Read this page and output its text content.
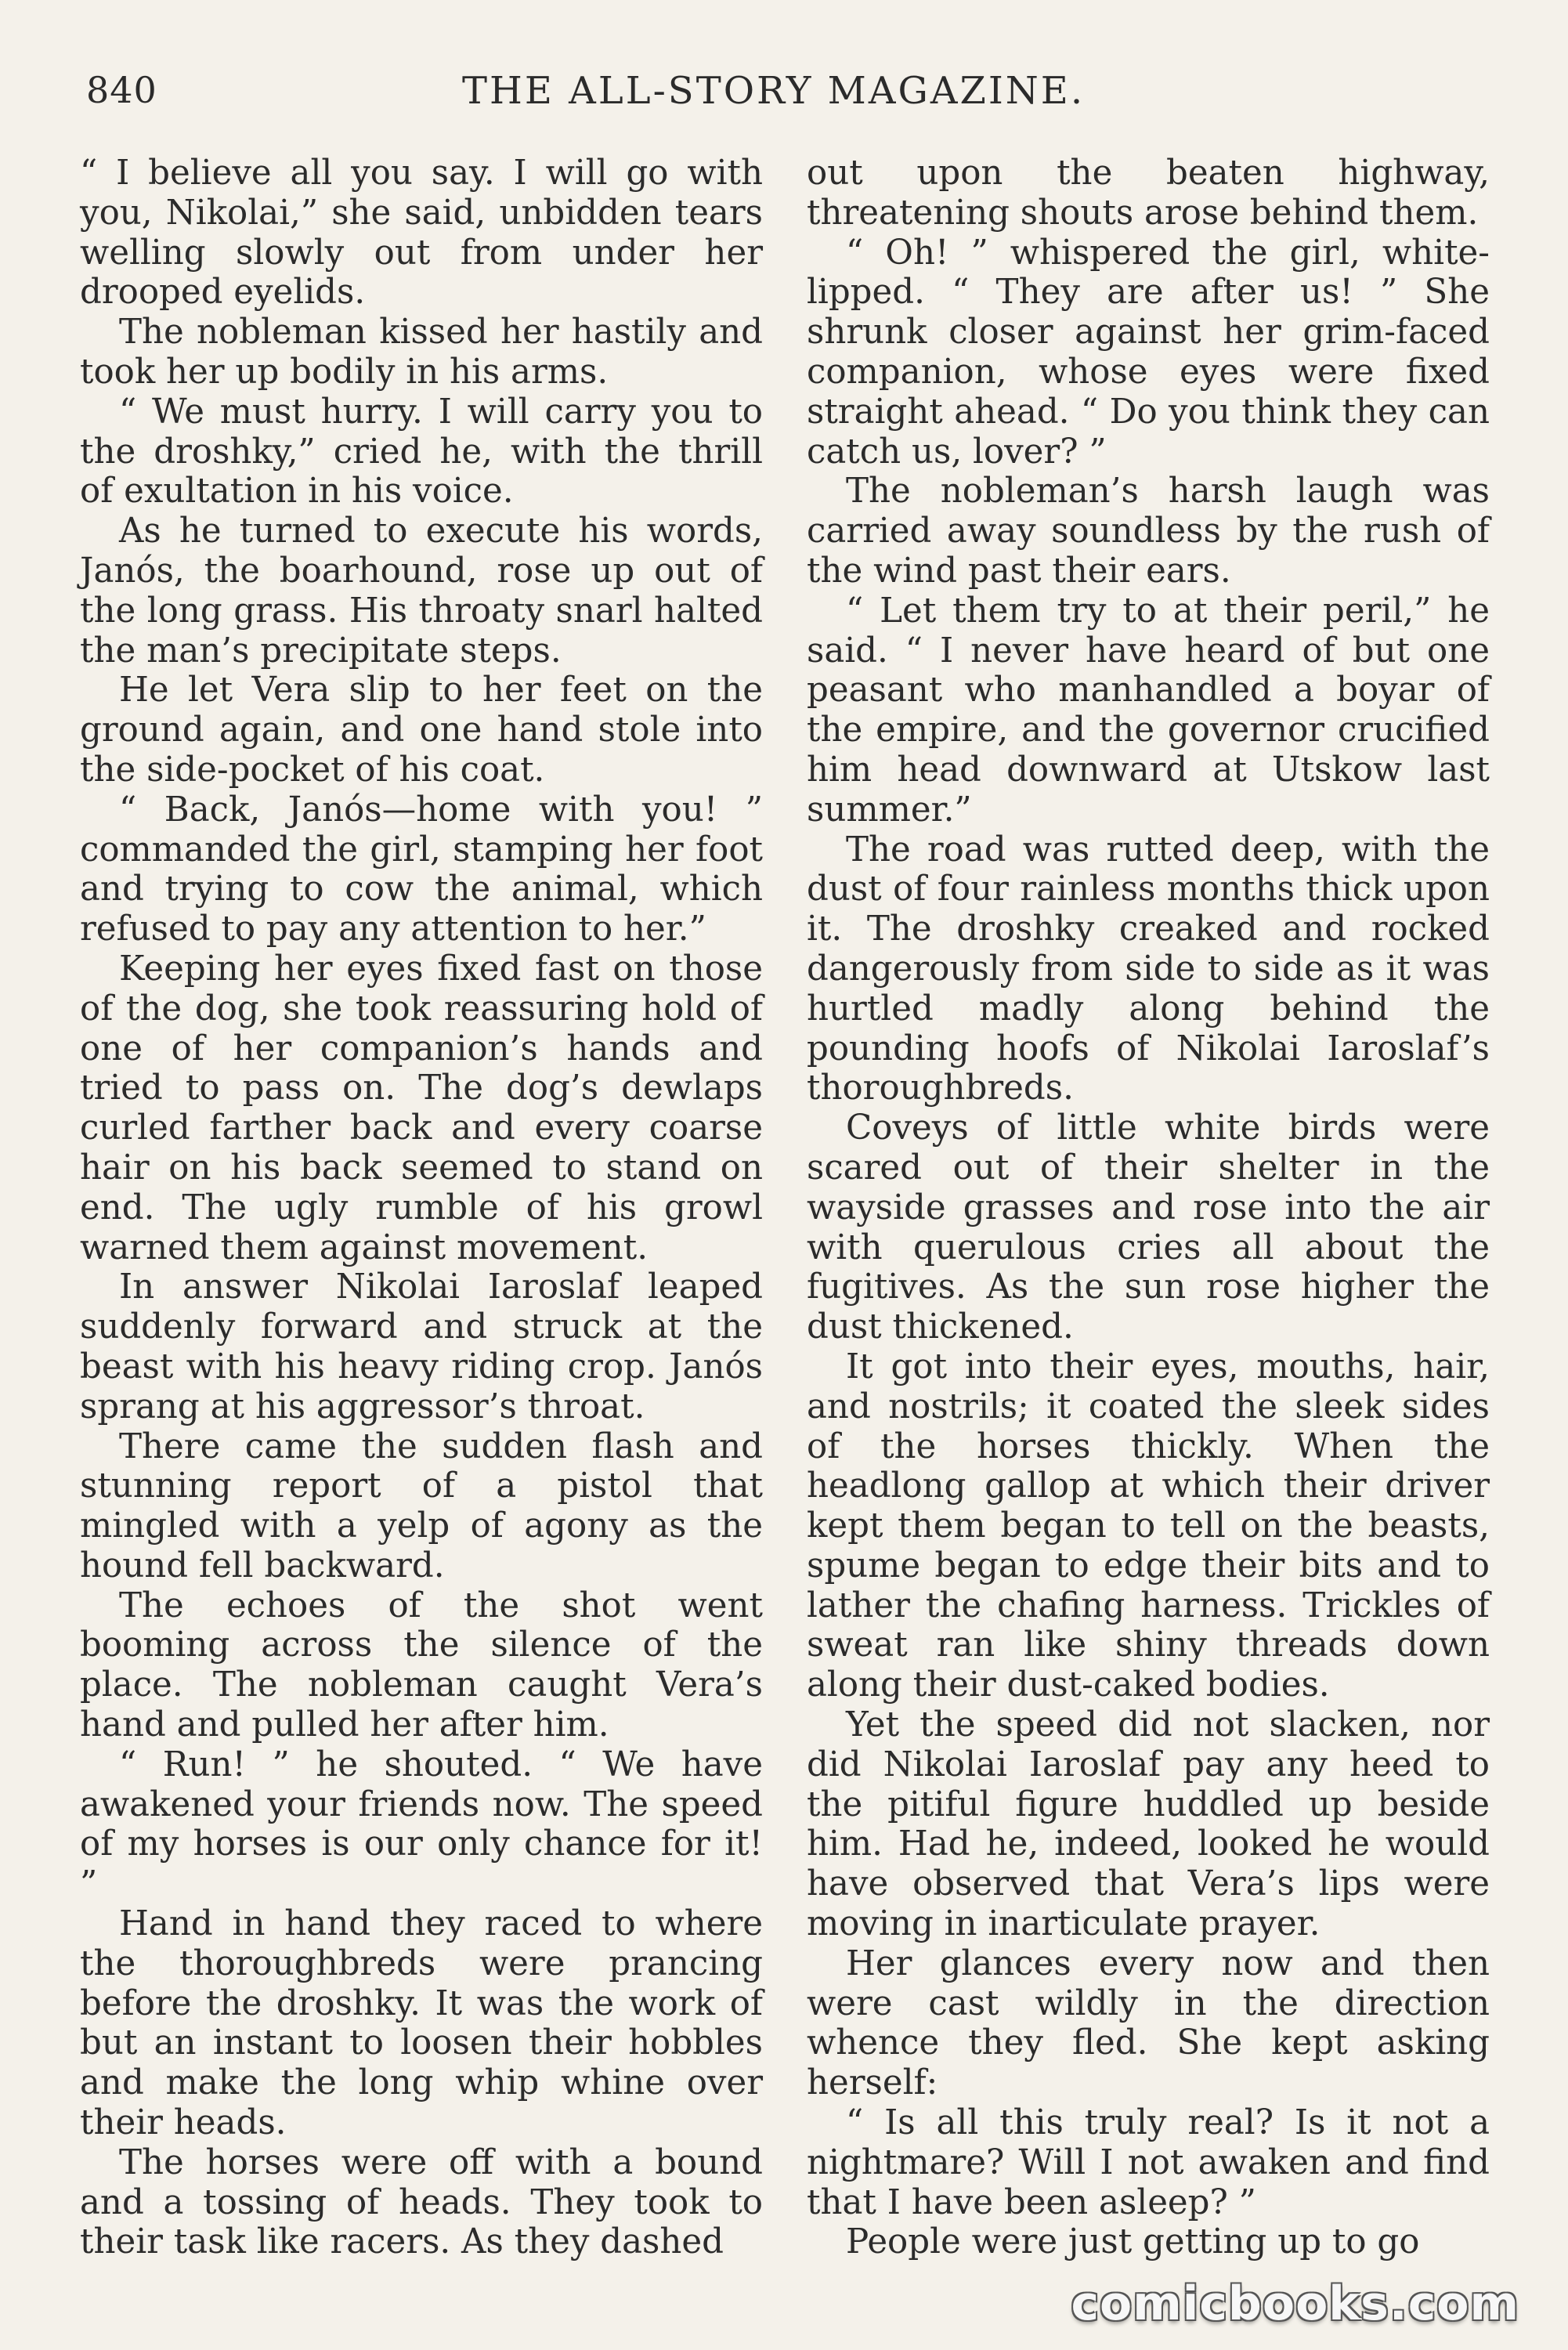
840	THE ALL-STORY MAGAZINE.

“ I believe all you say. I will go with you, Nikolai,” she said, unbidden tears welling slowly out from under her drooped eyelids.

The nobleman kissed her hastily and took her up bodily in his arms.

“ We must hurry. I will carry you to the droshky,” cried he, with the thrill of exultation in his voice.

As he turned to execute his words, Janós, the boarhound, rose up out of the long grass. His throaty snarl halted the man’s precipitate steps.

He let Vera slip to her feet on the ground again, and one hand stole into the side-pocket of his coat.

“ Back, Janós—home with you! ” commanded the girl, stamping her foot and trying to cow the animal, which refused to pay any attention to her.”

Keeping her eyes fixed fast on those of the dog, she took reassuring hold of one of her companion’s hands and tried to pass on. The dog’s dewlaps curled farther back and every coarse hair on his back seemed to stand on end. The ugly rumble of his growl warned them against movement.

In answer Nikolai Iaroslaf leaped suddenly forward and struck at the beast with his heavy riding crop. Janós sprang at his aggressor’s throat.

There came the sudden flash and stunning report of a pistol that mingled with a yelp of agony as the hound fell backward.

The echoes of the shot went booming across the silence of the place. The nobleman caught Vera’s hand and pulled her after him.

“ Run! ” he shouted. “ We have awakened your friends now. The speed of my horses is our only chance for it! ”

Hand in hand they raced to where the thoroughbreds were prancing before the droshky. It was the work of but an instant to loosen their hobbles and make the long whip whine over their heads.

The horses were off with a bound and a tossing of heads. They took to their task like racers. As they dashed

out upon the beaten highway, threatening shouts arose behind them.

“ Oh! ” whispered the girl, white-lipped. “ They are after us! ” She shrunk closer against her grim-faced companion, whose eyes were fixed straight ahead. “ Do you think they can catch us, lover? ”

The nobleman’s harsh laugh was carried away soundless by the rush of the wind past their ears.

“ Let them try to at their peril,” he said. “ I never have heard of but one peasant who manhandled a boyar of the empire, and the governor crucified him head downward at Utskow last summer.”

The road was rutted deep, with the dust of four rainless months thick upon it. The droshky creaked and rocked dangerously from side to side as it was hurtled madly along behind the pounding hoofs of Nikolai Iaroslaf’s thoroughbreds.

Coveys of little white birds were scared out of their shelter in the wayside grasses and rose into the air with querulous cries all about the fugitives. As the sun rose higher the dust thickened.

It got into their eyes, mouths, hair, and nostrils; it coated the sleek sides of the horses thickly. When the headlong gallop at which their driver kept them began to tell on the beasts, spume began to edge their bits and to lather the chafing harness. Trickles of sweat ran like shiny threads down along their dust-caked bodies.

Yet the speed did not slacken, nor did Nikolai Iaroslaf pay any heed to the pitiful figure huddled up beside him. Had he, indeed, looked he would have observed that Vera’s lips were moving in inarticulate prayer.

Her glances every now and then were cast wildly in the direction whence they fled. She kept asking herself:

“ Is all this truly real? Is it not a nightmare? Will I not awaken and find that I have been asleep? ”

People were just getting up to go

comicbooks.com
